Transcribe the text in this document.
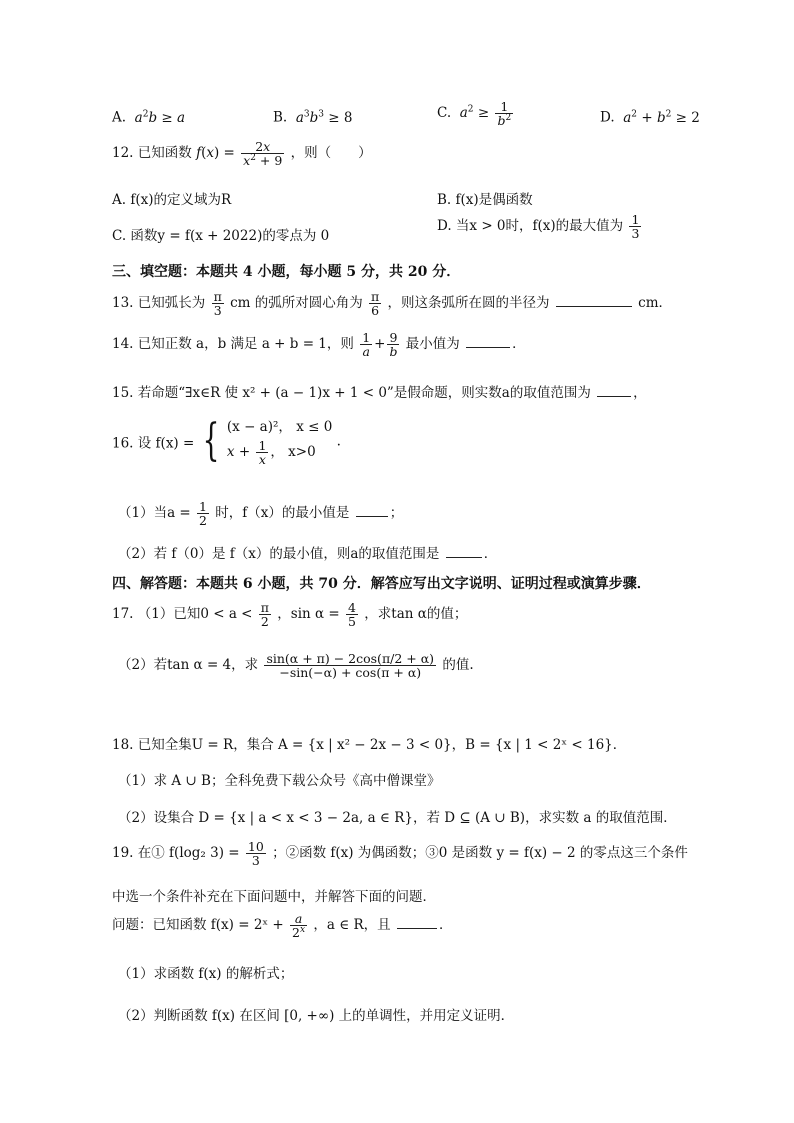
A. $a^2b \ge a$	B. $a^3b^3 \ge 8$	C. $a^2 \ge \frac{1}{b^2}$	D. $a^2 + b^2 \ge 2$
12. 已知函数 $f(x) = \frac{2x}{x^2 + 9}$ ，则（　　）
A. f(x)的定义域为R	B. f(x)是偶函数
C. 函数y = f(x + 2022)的零点为 0
D. 当x > 0时，f(x)的最大值为 $\frac{1}{3}$
三、填空题：本题共 4 小题，每小题 5 分，共 20 分．
13. 已知弧长为 $\frac{\pi}{3}$ cm 的弧所对圆心角为 $\frac{\pi}{6}$ ，则这条弧所在圆的半径为	cm．
14. 已知正数 a，b 满足 a + b = 1，则 $\frac{1}{a} + \frac{9}{b}$ 最小值为	．
15. 若命题“∃x∈R 使 x² + (a − 1)x + 1 < 0”是假命题，则实数a的取值范围为	，
16. 设 f(x) = { (x − a)²， x ≤ 0
$x + \frac{1}{x}$ ， x>0
.
（1）当$a = \frac{1}{2}$ 时，f（x）的最小值是	；
（2）若 f（0）是 f（x）的最小值，则a的取值范围是	．
四、解答题：本题共 6 小题，共 70 分．解答应写出文字说明、证明过程或演算步骤．
17. （1）已知$0 < a < \frac{\pi}{2}$ ，$\sin \alpha = \frac{4}{5}$ ，求tan α的值；
（2）若tan α = 4，求 $\frac{\sin(\alpha + \pi) - 2\cos(\pi/2 + \alpha)}{-\sin(-\alpha) + \cos(\pi + \alpha)}$ 的值.
18. 已知全集U = R，集合 A = {x | x² − 2x − 3 < 0}，B = {x | 1 < 2ˣ < 16}．
（1）求 A ∪ B；全科免费下载公众号《高中僧课堂》
（2）设集合 D = {x | a < x < 3 − 2a, a ∈ R}，若 D ⊆ (A ∪ B)，求实数 a 的取值范围．
19. 在① f(log₂ $3) = \frac{10}{3}$ ；②函数 f(x) 为偶函数；③0 是函数 y = f(x) − 2 的零点这三个条件
中选一个条件补充在下面问题中，并解答下面的问题．
问题：已知函数 f(x) = 2ˣ + $\frac{a}{2^x}$ ，a ∈ R，且	．
（1）求函数 f(x) 的解析式；
（2）判断函数 f(x) 在区间 [0, +∞) 上的单调性，并用定义证明．
